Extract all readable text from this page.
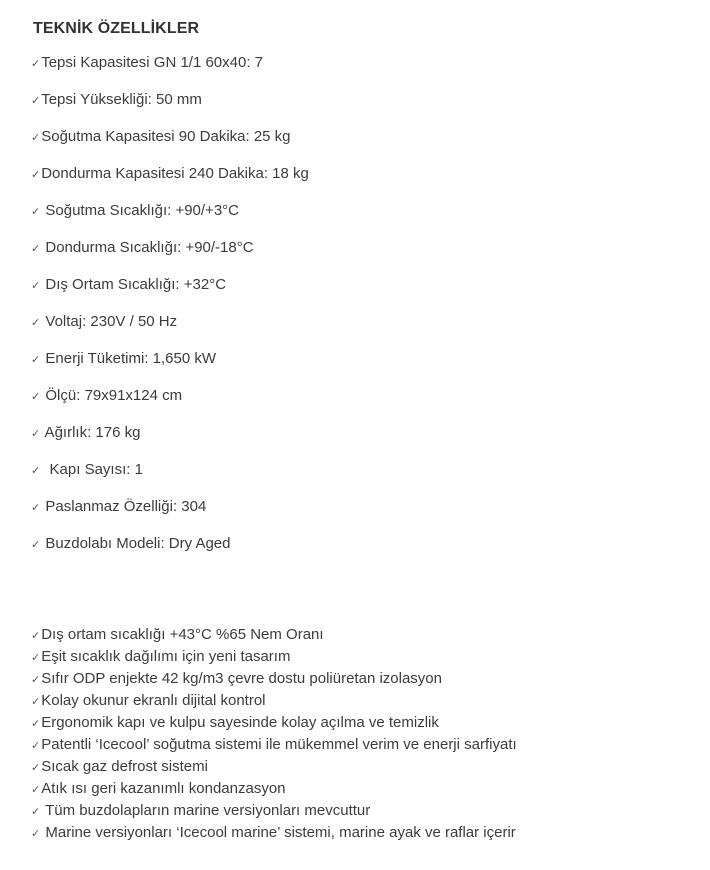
TEKNİK ÖZELLİKLER
✓Tepsi Kapasitesi GN 1/1 60x40: 7
✓Tepsi Yüksekliği: 50 mm
✓Soğutma Kapasitesi 90 Dakika: 25 kg
✓Dondurma Kapasitesi 240 Dakika: 18 kg
✓ Soğutma Sıcaklığı: +90/+3°C
✓ Dondurma Sıcaklığı: +90/-18°C
✓ Dış Ortam Sıcaklığı: +32°C
✓ Voltaj: 230V / 50 Hz
✓ Enerji Tüketimi: 1,650 kW
✓ Ölçü: 79x91x124 cm
✓ Ağırlık: 176 kg
✓  Kapı Sayısı: 1
✓ Paslanmaz Özelliği: 304
✓ Buzdolabı Modeli: Dry Aged
✓Dış ortam sıcaklığı +43°C %65 Nem Oranı
✓Eşit sıcaklık dağılımı için yeni tasarım
✓Sıfır ODP enjekte 42 kg/m3 çevre dostu poliüretan izolasyon
✓Kolay okunur ekranlı dijital kontrol
✓Ergonomik kapı ve kulpu sayesinde kolay açılma ve temizlik
✓Patentli ‘Icecool’ soğutma sistemi ile mükemmel verim ve enerji sarfiyatı
✓Sıcak gaz defrost sistemi
✓Atık ısı geri kazanımlı kondanzasyon
✓ Tüm buzdolapların marine versiyonları mevcuttur
✓ Marine versiyonları ‘Icecool marine’ sistemi, marine ayak ve raflar içerir
